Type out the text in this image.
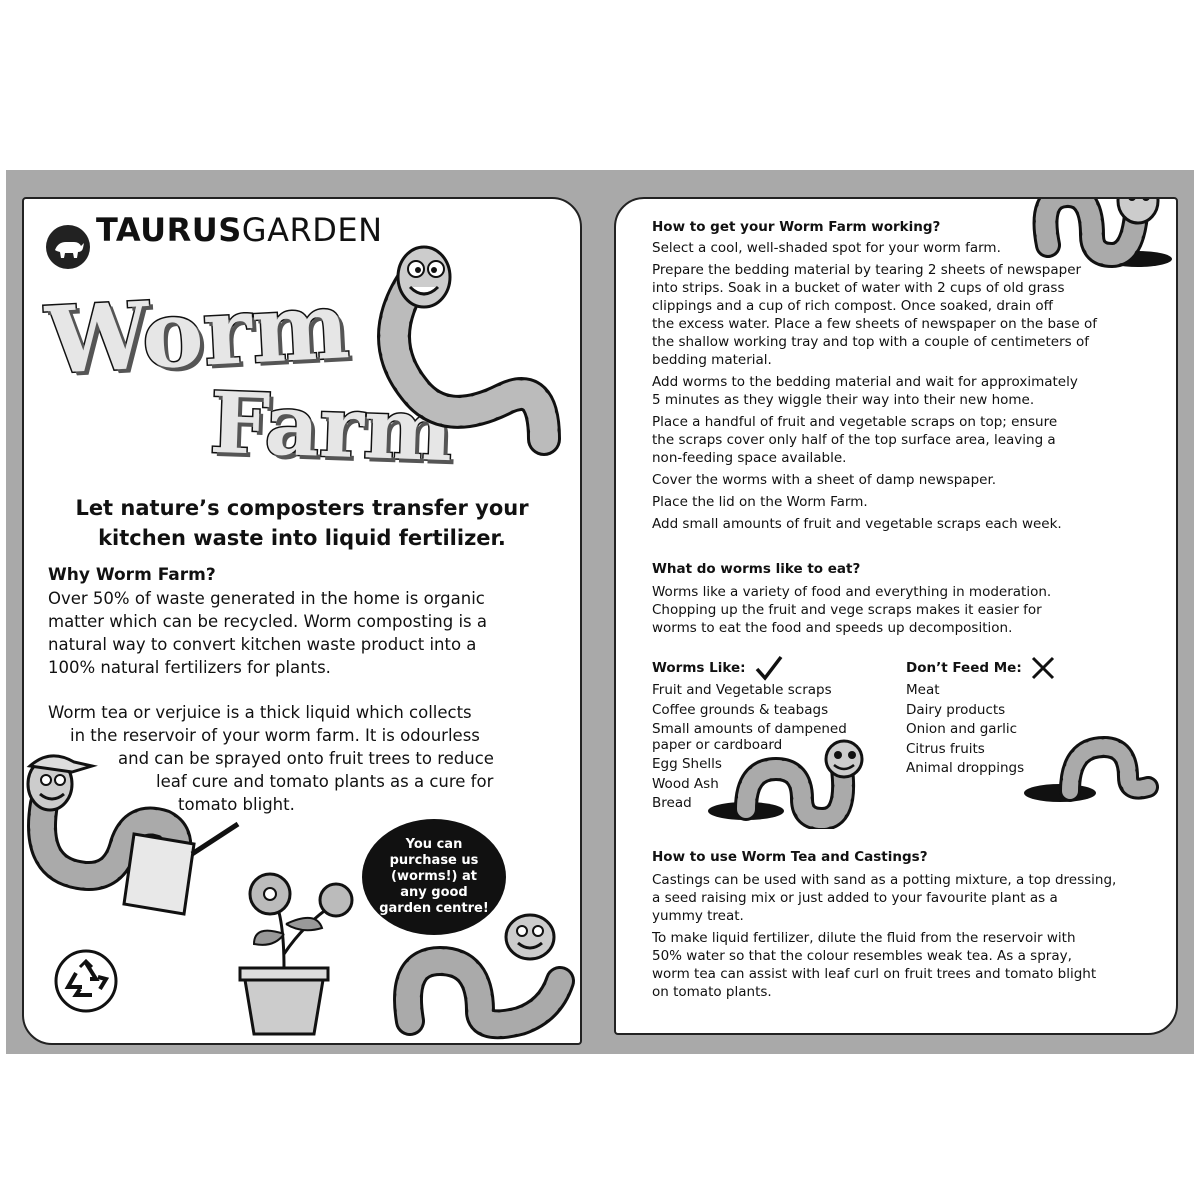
TAURUSGARDEN
Worm
Farm
Let nature’s composters transfer your
kitchen waste into liquid fertilizer.
Why Worm Farm?
Over 50% of waste generated in the home is organic
matter which can be recycled. Worm composting is a
natural way to convert kitchen waste product into a
100% natural fertilizers for plants.
Worm tea or verjuice is a thick liquid which collects
in the reservoir of your worm farm. It is odourless
and can be sprayed onto fruit trees to reduce
leaf cure and tomato plants as a cure for
tomato blight.
You can purchase us (worms!) at any good garden centre!
How to get your Worm Farm working?
Select a cool, well-shaded spot for your worm farm.
Prepare the bedding material by tearing 2 sheets of newspaper
into strips. Soak in a bucket of water with 2 cups of old grass
clippings and a cup of rich compost. Once soaked, drain off
the excess water. Place a few sheets of newspaper on the base of
the shallow working tray and top with a couple of centimeters of
bedding material.
Add worms to the bedding material and wait for approximately
5 minutes as they wiggle their way into their new home.
Place a handful of fruit and vegetable scraps on top; ensure
the scraps cover only half of the top surface area, leaving a
non-feeding space available.
Cover the worms with a sheet of damp newspaper.
Place the lid on the Worm Farm.
Add small amounts of fruit and vegetable scraps each week.
What do worms like to eat?
Worms like a variety of food and everything in moderation.
Chopping up the fruit and vege scraps makes it easier for
worms to eat the food and speeds up decomposition.
Worms Like:
Fruit and Vegetable scraps
Coffee grounds & teabags
Small amounts of dampened
paper or cardboard
Egg Shells
Wood Ash
Bread
Don’t Feed Me:
Meat
Dairy products
Onion and garlic
Citrus fruits
Animal droppings
How to use Worm Tea and Castings?
Castings can be used with sand as a potting mixture, a top dressing,
a seed raising mix or just added to your favourite plant as a
yummy treat.
To make liquid fertilizer, dilute the fluid from the reservoir with
50% water so that the colour resembles weak tea. As a spray,
worm tea can assist with leaf curl on fruit trees and tomato blight
on tomato plants.
